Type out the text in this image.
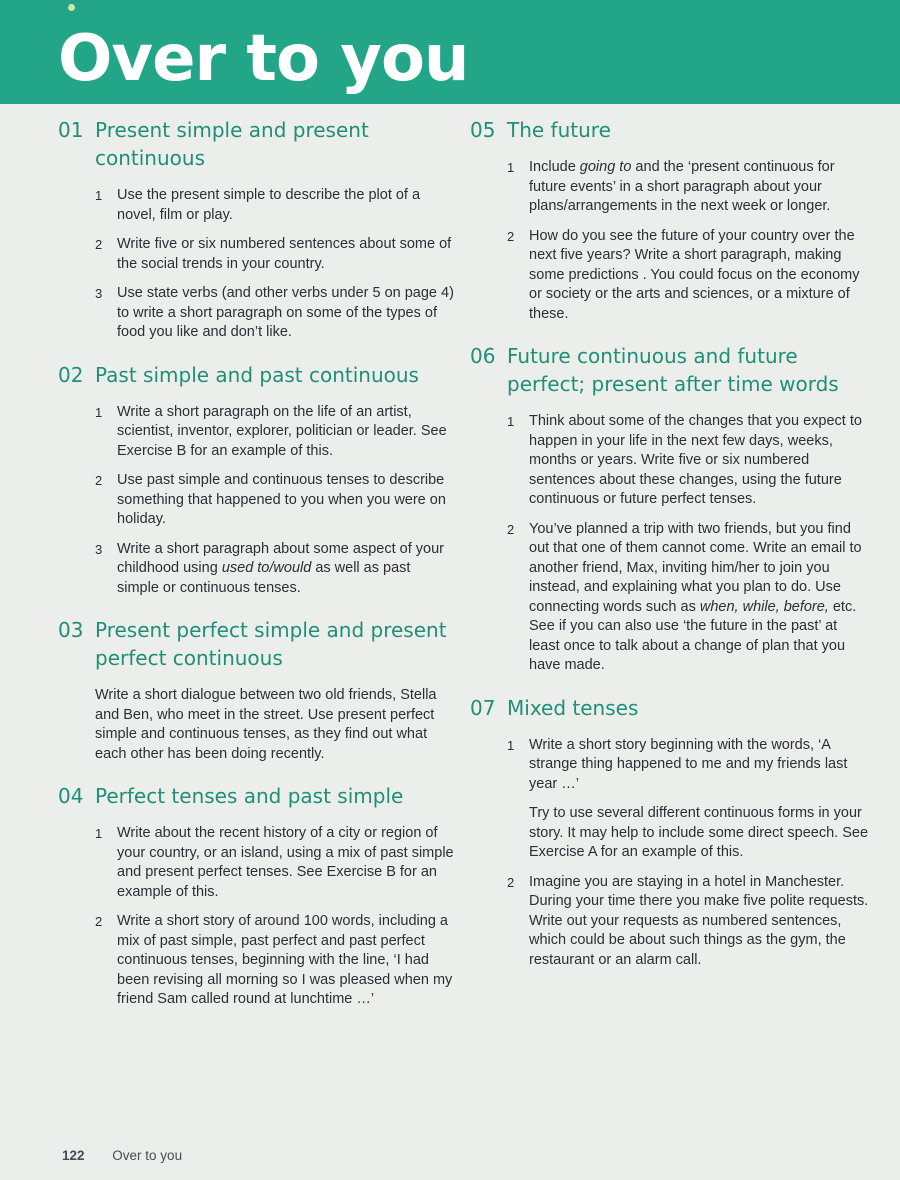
Over to you
01 Present simple and present continuous
1	Use the present simple to describe the plot of a novel, film or play.
2	Write five or six numbered sentences about some of the social trends in your country.
3	Use state verbs (and other verbs under 5 on page 4) to write a short paragraph on some of the types of food you like and don’t like.
02 Past simple and past continuous
1	Write a short paragraph on the life of an artist, scientist, inventor, explorer, politician or leader. See Exercise B for an example of this.
2	Use past simple and continuous tenses to describe something that happened to you when you were on holiday.
3	Write a short paragraph about some aspect of your childhood using used to/would as well as past simple or continuous tenses.
03 Present perfect simple and present perfect continuous

Write a short dialogue between two old friends, Stella and Ben, who meet in the street. Use present perfect simple and continuous tenses, as they find out what each other has been doing recently.

04 Perfect tenses and past simple
1	Write about the recent history of a city or region of your country, or an island, using a mix of past simple and present perfect tenses. See Exercise B for an example of this.
2	Write a short story of around 100 words, including a mix of past simple, past perfect and past perfect continuous tenses, beginning with the line, ‘I had been revising all morning so I was pleased when my friend Sam called round at lunchtime …’
05 The future
1	Include going to and the ‘present continuous for future events’ in a short paragraph about your plans/arrangements in the next week or longer.
2	How do you see the future of your country over the next five years? Write a short paragraph, making some predictions . You could focus on the economy or society or the arts and sciences, or a mixture of these.
06 Future continuous and future perfect; present after time words
1	Think about some of the changes that you expect to happen in your life in the next few days, weeks, months or years. Write five or six numbered sentences about these changes, using the future continuous or future perfect tenses.
2	You’ve planned a trip with two friends, but you find out that one of them cannot come. Write an email to another friend, Max, inviting him/her to join you instead, and explaining what you plan to do. Use connecting words such as when, while, before, etc. See if you can also use ‘the future in the past’ at least once to talk about a change of plan that you have made.
07 Mixed tenses
1	Write a short story beginning with the words, ‘A strange thing happened to me and my friends last year …’
Try to use several different continuous forms in your story. It may help to include some direct speech. See Exercise A for an example of this.
2	Imagine you are staying in a hotel in Manchester. During your time there you make five polite requests. Write out your requests as numbered sentences, which could be about such things as the gym, the restaurant or an alarm call.
122 Over to you
